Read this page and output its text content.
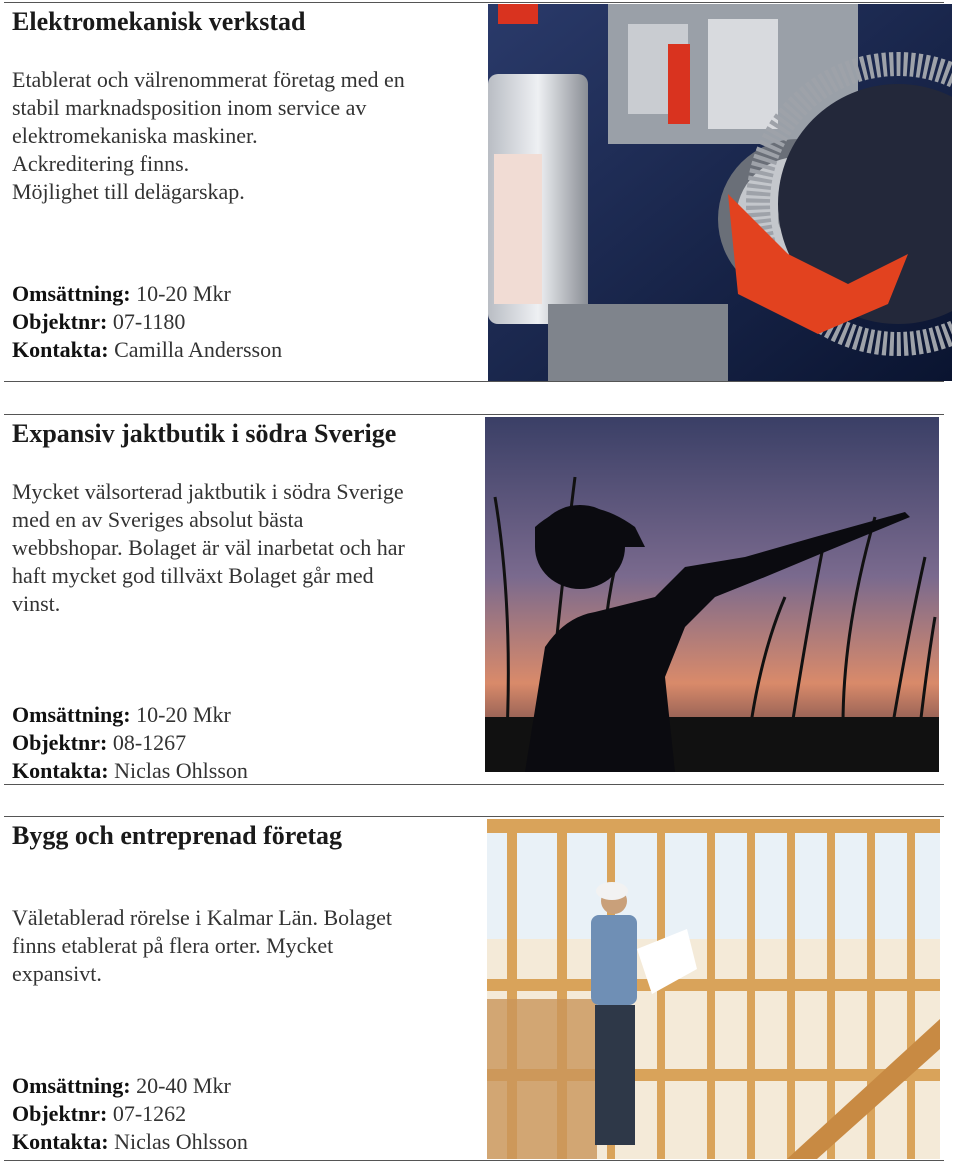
Elektromekanisk verkstad

Etablerat och välrenommerat företag med en
stabil marknadsposition inom service av
elektromekaniska maskiner.
Ackreditering finns.
Möjlighet till delägarskap.

Omsättning: 10-20 Mkr
Objektnr: 07-1180
Kontakta: Camilla Andersson
Expansiv jaktbutik i södra Sverige

Mycket välsorterad jaktbutik i södra Sverige
med en av Sveriges absolut bästa
webbshopar. Bolaget är väl inarbetat och har
haft mycket god tillväxt Bolaget går med
vinst.

Omsättning: 10-20 Mkr
Objektnr: 08-1267
Kontakta: Niclas Ohlsson
Bygg och entreprenad företag

Väletablerad rörelse i Kalmar Län. Bolaget
finns etablerat på flera orter. Mycket
expansivt.

Omsättning: 20-40 Mkr
Objektnr: 07-1262
Kontakta: Niclas Ohlsson
